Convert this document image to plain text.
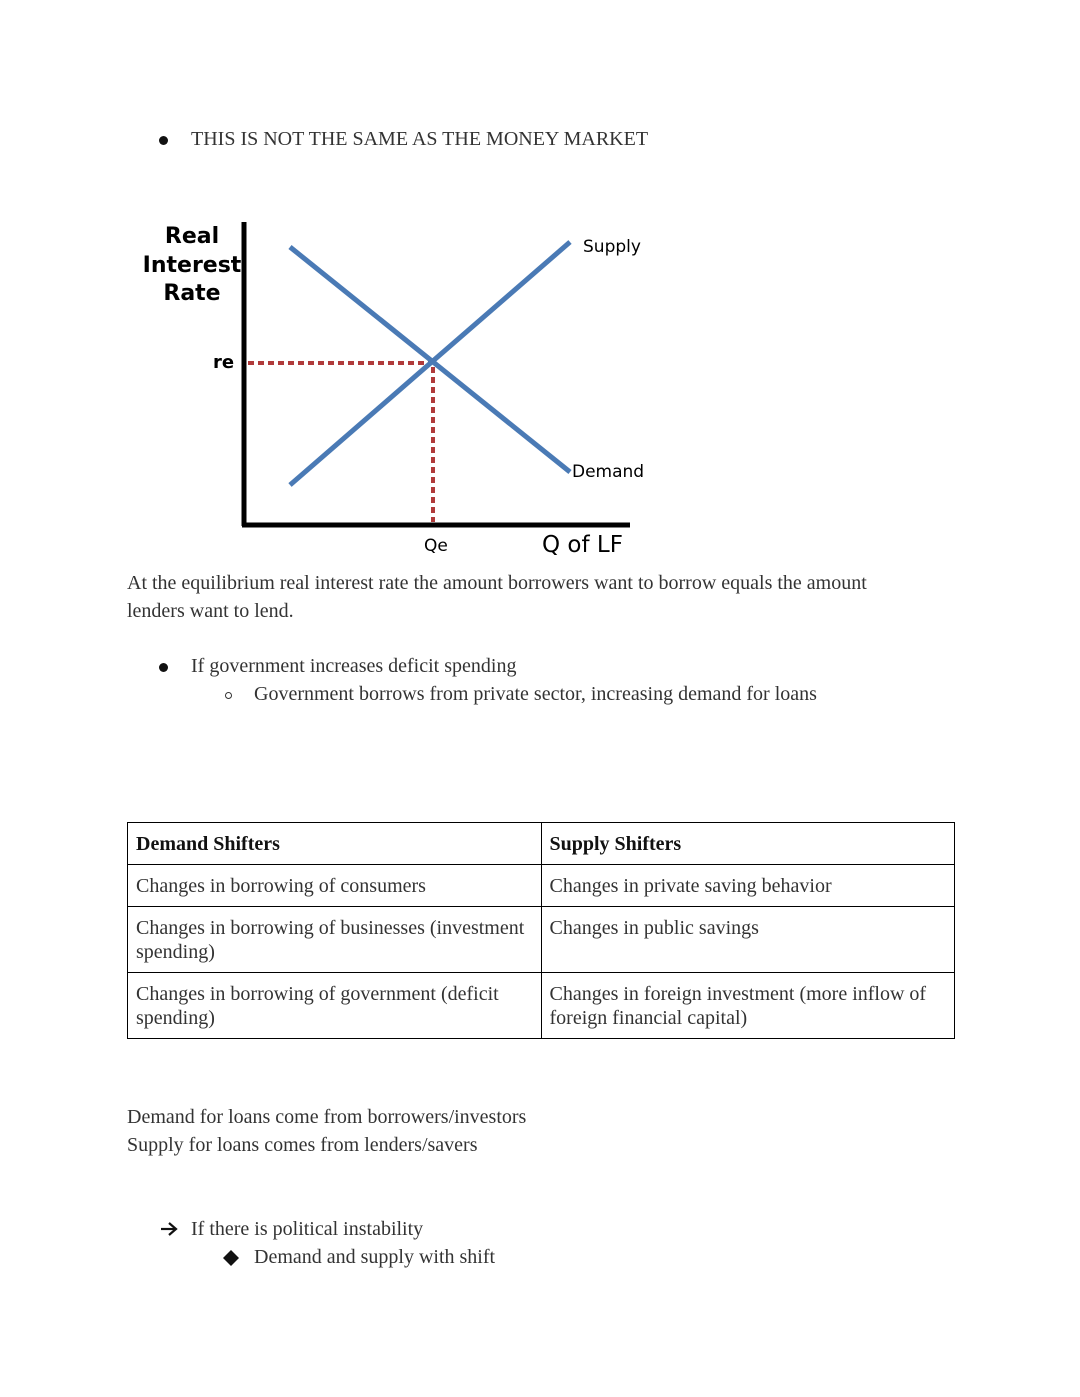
THIS IS NOT THE SAME AS THE MONEY MARKET
Real
Interest
Rate
re
Qe	Q of LF
Supply
Demand
At the equilibrium real interest rate the amount borrowers want to borrow equals the amount lenders want to lend.
If government increases deficit spending
Government borrows from private sector, increasing demand for loans
Demand Shifters	Supply Shifters
Changes in borrowing of consumers	Changes in private saving behavior
Changes in borrowing of businesses (investment spending)	Changes in public savings
Changes in borrowing of government (deficit spending)	Changes in foreign investment (more inflow of foreign financial capital)
Demand for loans come from borrowers/investors
Supply for loans comes from lenders/savers
If there is political instability
Demand and supply with shift
